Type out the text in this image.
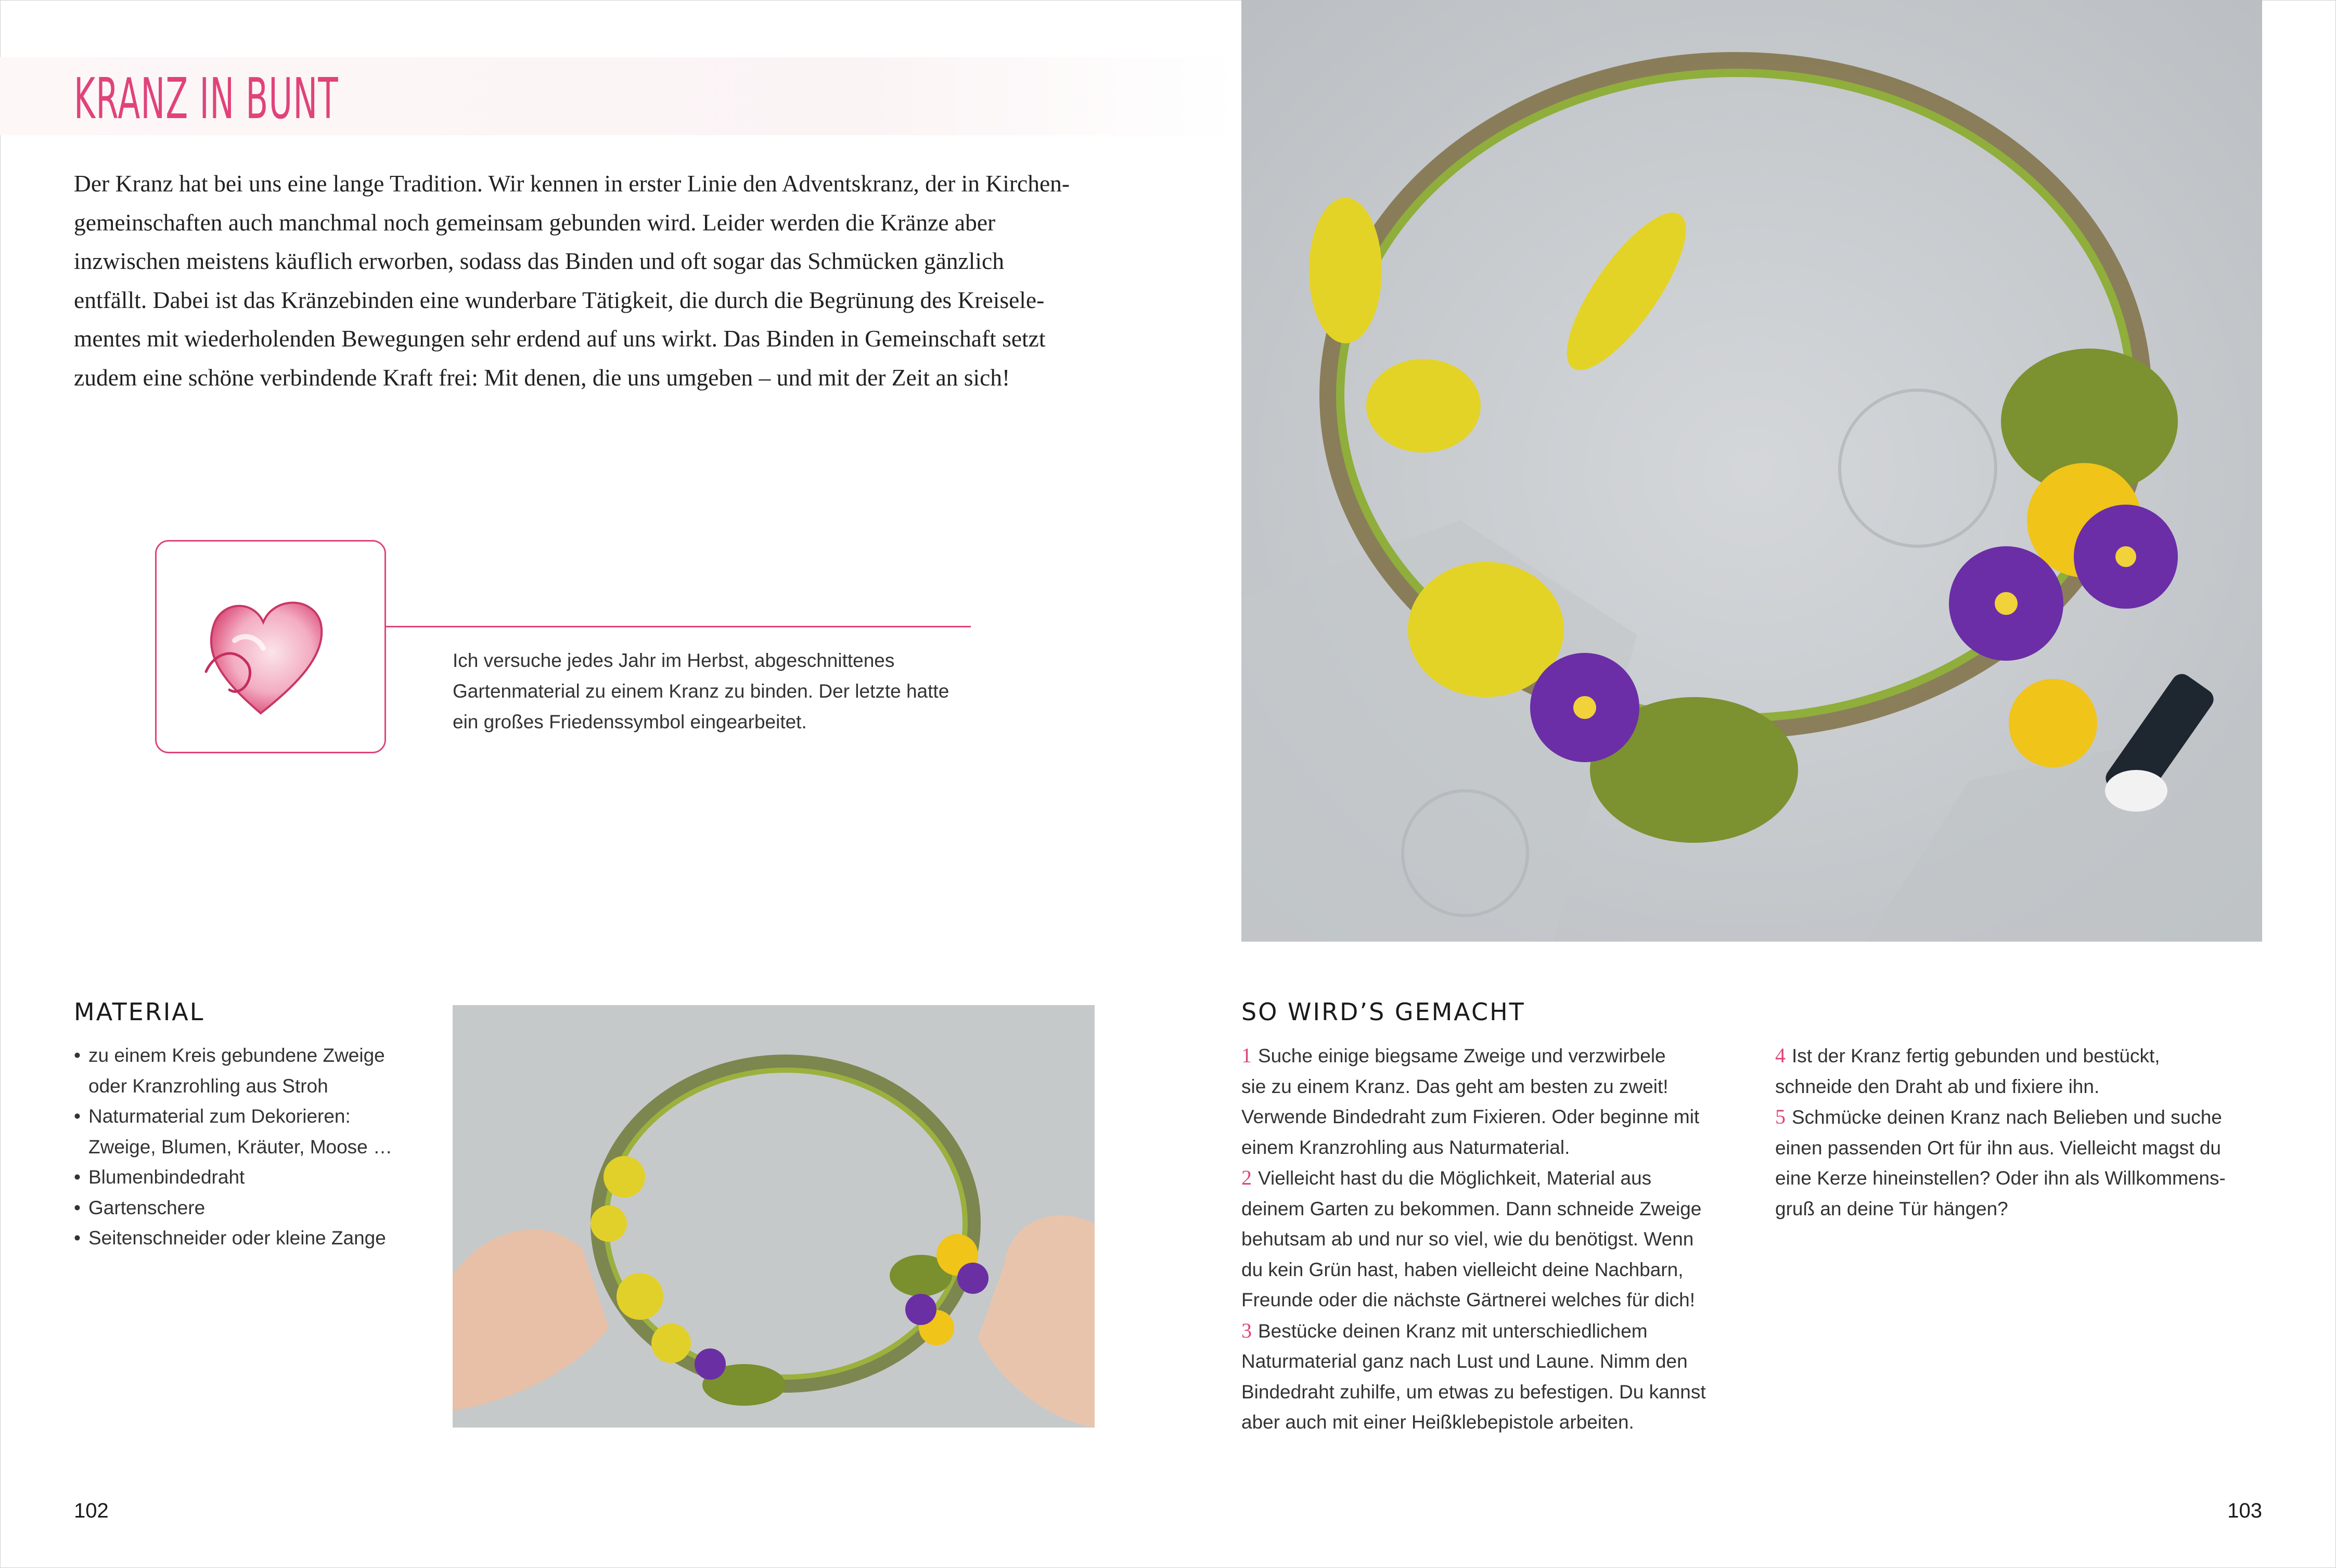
KRANZ IN BUNT
Der Kranz hat bei uns eine lange Tradition. Wir kennen in erster Linie den Adventskranz, der in Kirchen-
gemeinschaften auch manchmal noch gemeinsam gebunden wird. Leider werden die Kränze aber
inzwischen meistens käuflich erworben, sodass das Binden und oft sogar das Schmücken gänzlich
entfällt. Dabei ist das Kränzebinden eine wunderbare Tätigkeit, die durch die Begrünung des Kreisele-
mentes mit wiederholenden Bewegungen sehr erdend auf uns wirkt. Das Binden in Gemeinschaft setzt
zudem eine schöne verbindende Kraft frei: Mit denen, die uns umgeben – und mit der Zeit an sich!
Ich versuche jedes Jahr im Herbst, abgeschnittenes
Gartenmaterial zu einem Kranz zu binden. Der letzte hatte
ein großes Friedenssymbol eingearbeitet.
MATERIAL
• zu einem Kreis gebundene Zweige
oder Kranzrohling aus Stroh
• Naturmaterial zum Dekorieren:
Zweige, Blumen, Kräuter, Moose …
• Blumenbindedraht
• Gartenschere
• Seitenschneider oder kleine Zange
SO WIRD’S GEMACHT
1 Suche einige biegsame Zweige und verzwirbele
sie zu einem Kranz. Das geht am besten zu zweit!
Verwende Bindedraht zum Fixieren. Oder beginne mit
einem Kranzrohling aus Naturmaterial.
2 Vielleicht hast du die Möglichkeit, Material aus
deinem Garten zu bekommen. Dann schneide Zweige
behutsam ab und nur so viel, wie du benötigst. Wenn
du kein Grün hast, haben vielleicht deine Nachbarn,
Freunde oder die nächste Gärtnerei welches für dich!
3 Bestücke deinen Kranz mit unterschiedlichem
Naturmaterial ganz nach Lust und Laune. Nimm den
Bindedraht zuhilfe, um etwas zu befestigen. Du kannst
aber auch mit einer Heißklebepistole arbeiten.
4 Ist der Kranz fertig gebunden und bestückt,
schneide den Draht ab und fixiere ihn.
5 Schmücke deinen Kranz nach Belieben und suche
einen passenden Ort für ihn aus. Vielleicht magst du
eine Kerze hineinstellen? Oder ihn als Willkommens-
gruß an deine Tür hängen?
102	103
